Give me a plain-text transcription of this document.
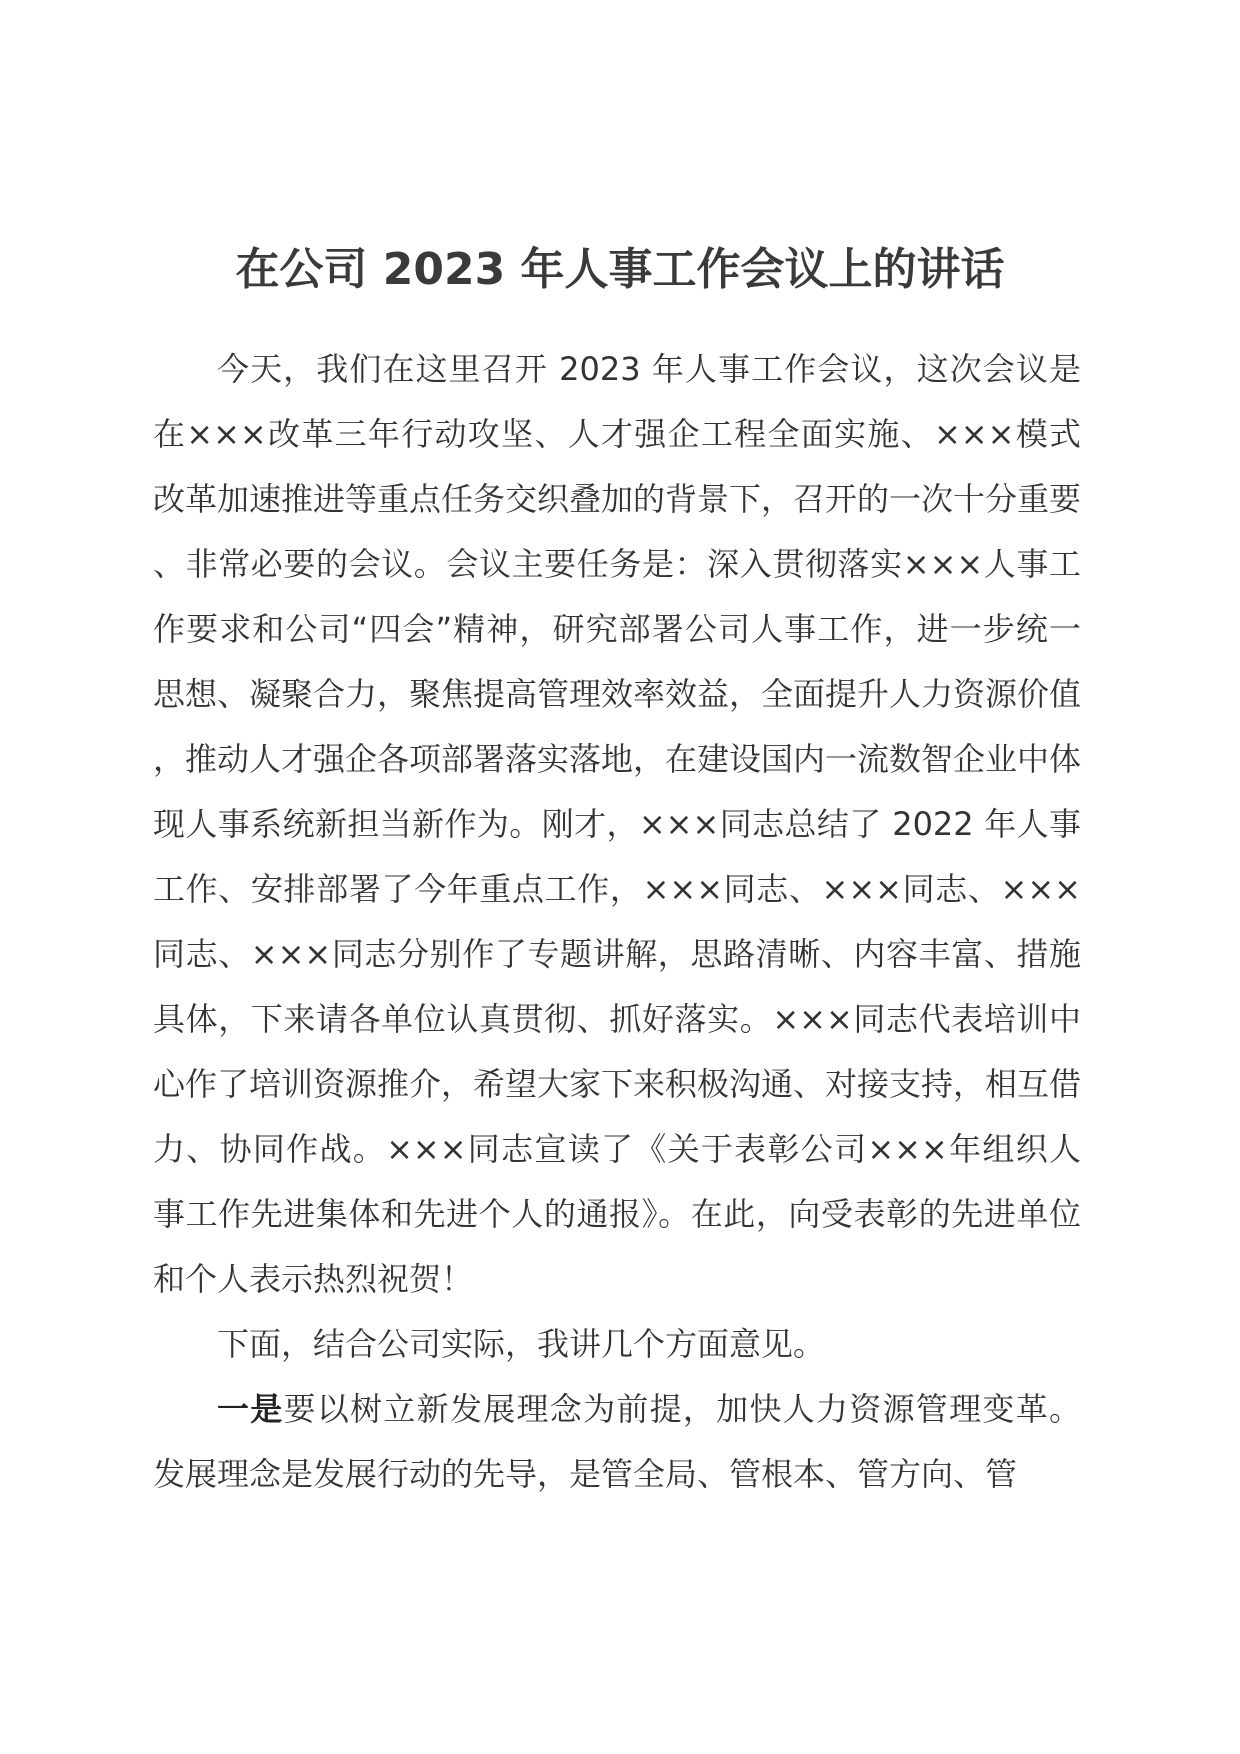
在公司 2023 年人事工作会议上的讲话

今天，我们在这里召开 2023 年人事工作会议，这次会议是在×××改革三年行动攻坚、人才强企工程全面实施、×××模式改革加速推进等重点任务交织叠加的背景下，召开的一次十分重要、非常必要的会议。会议主要任务是：深入贯彻落实×××人事工作要求和公司“四会”精神，研究部署公司人事工作，进一步统一思想、凝聚合力，聚焦提高管理效率效益，全面提升人力资源价值，推动人才强企各项部署落实落地，在建设国内一流数智企业中体现人事系统新担当新作为。刚才，×××同志总结了 2022 年人事工作、安排部署了今年重点工作，×××同志、×××同志、×××同志、×××同志分别作了专题讲解，思路清晰、内容丰富、措施具体，下来请各单位认真贯彻、抓好落实。×××同志代表培训中心作了培训资源推介，希望大家下来积极沟通、对接支持，相互借力、协同作战。×××同志宣读了《关于表彰公司×××年组织人事工作先进集体和先进个人的通报》。在此，向受表彰的先进单位和个人表示热烈祝贺！

下面，结合公司实际，我讲几个方面意见。

一是要以树立新发展理念为前提，加快人力资源管理变革。发展理念是发展行动的先导，是管全局、管根本、管方向、管
